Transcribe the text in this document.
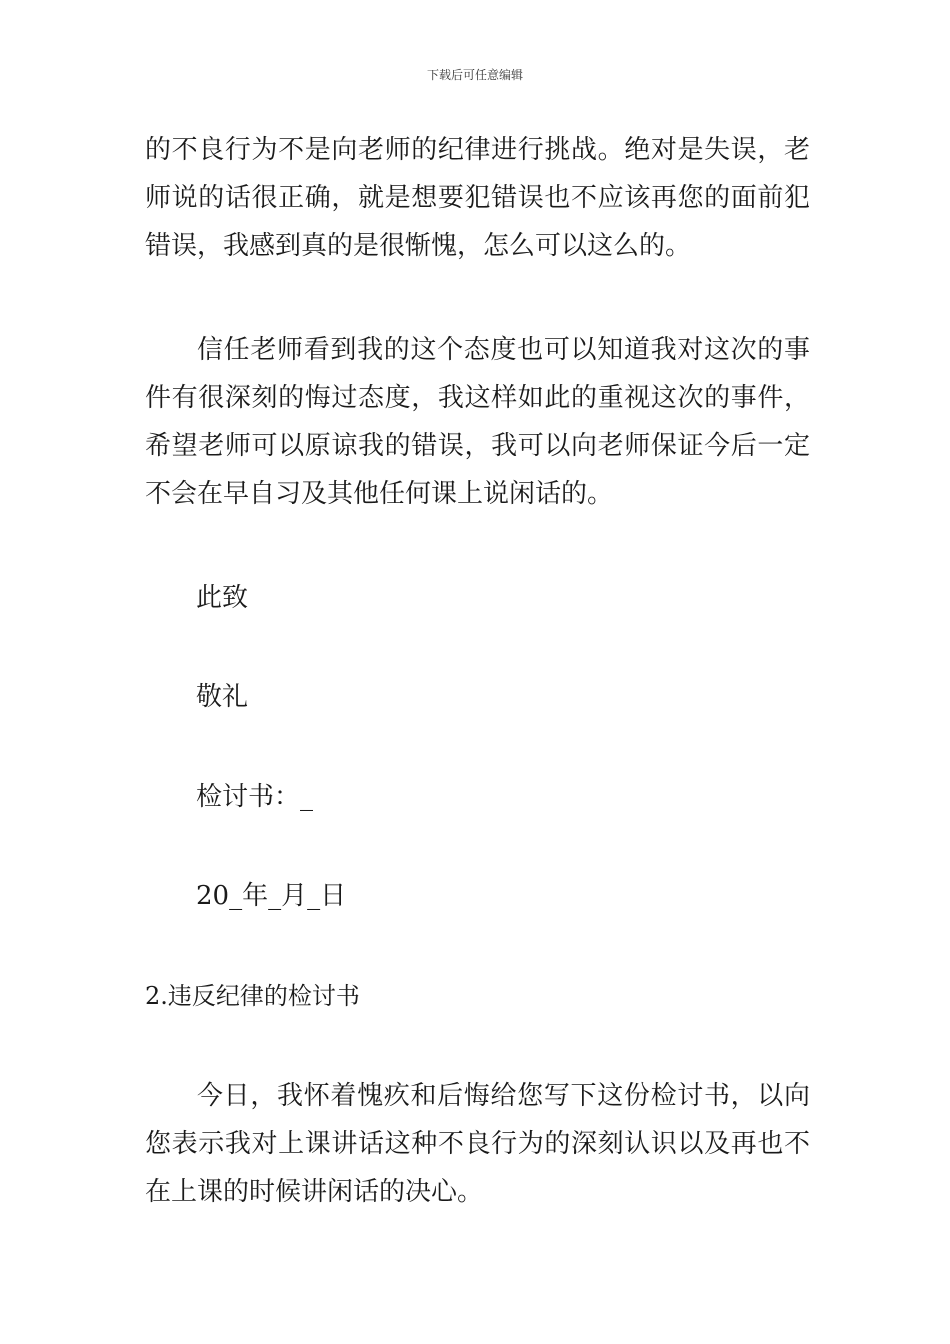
下载后可任意编辑

的不良行为不是向老师的纪律进行挑战。绝对是失误，老师说的话很正确，就是想要犯错误也不应该再您的面前犯错误，我感到真的是很惭愧，怎么可以这么的。

信任老师看到我的这个态度也可以知道我对这次的事件有很深刻的悔过态度，我这样如此的重视这次的事件，希望老师可以原谅我的错误，我可以向老师保证今后一定不会在早自习及其他任何课上说闲话的。

此致

敬礼

检讨书：_

20_年_月_日

2.违反纪律的检讨书

今日，我怀着愧疚和后悔给您写下这份检讨书，以向您表示我对上课讲话这种不良行为的深刻认识以及再也不在上课的时候讲闲话的决心。
